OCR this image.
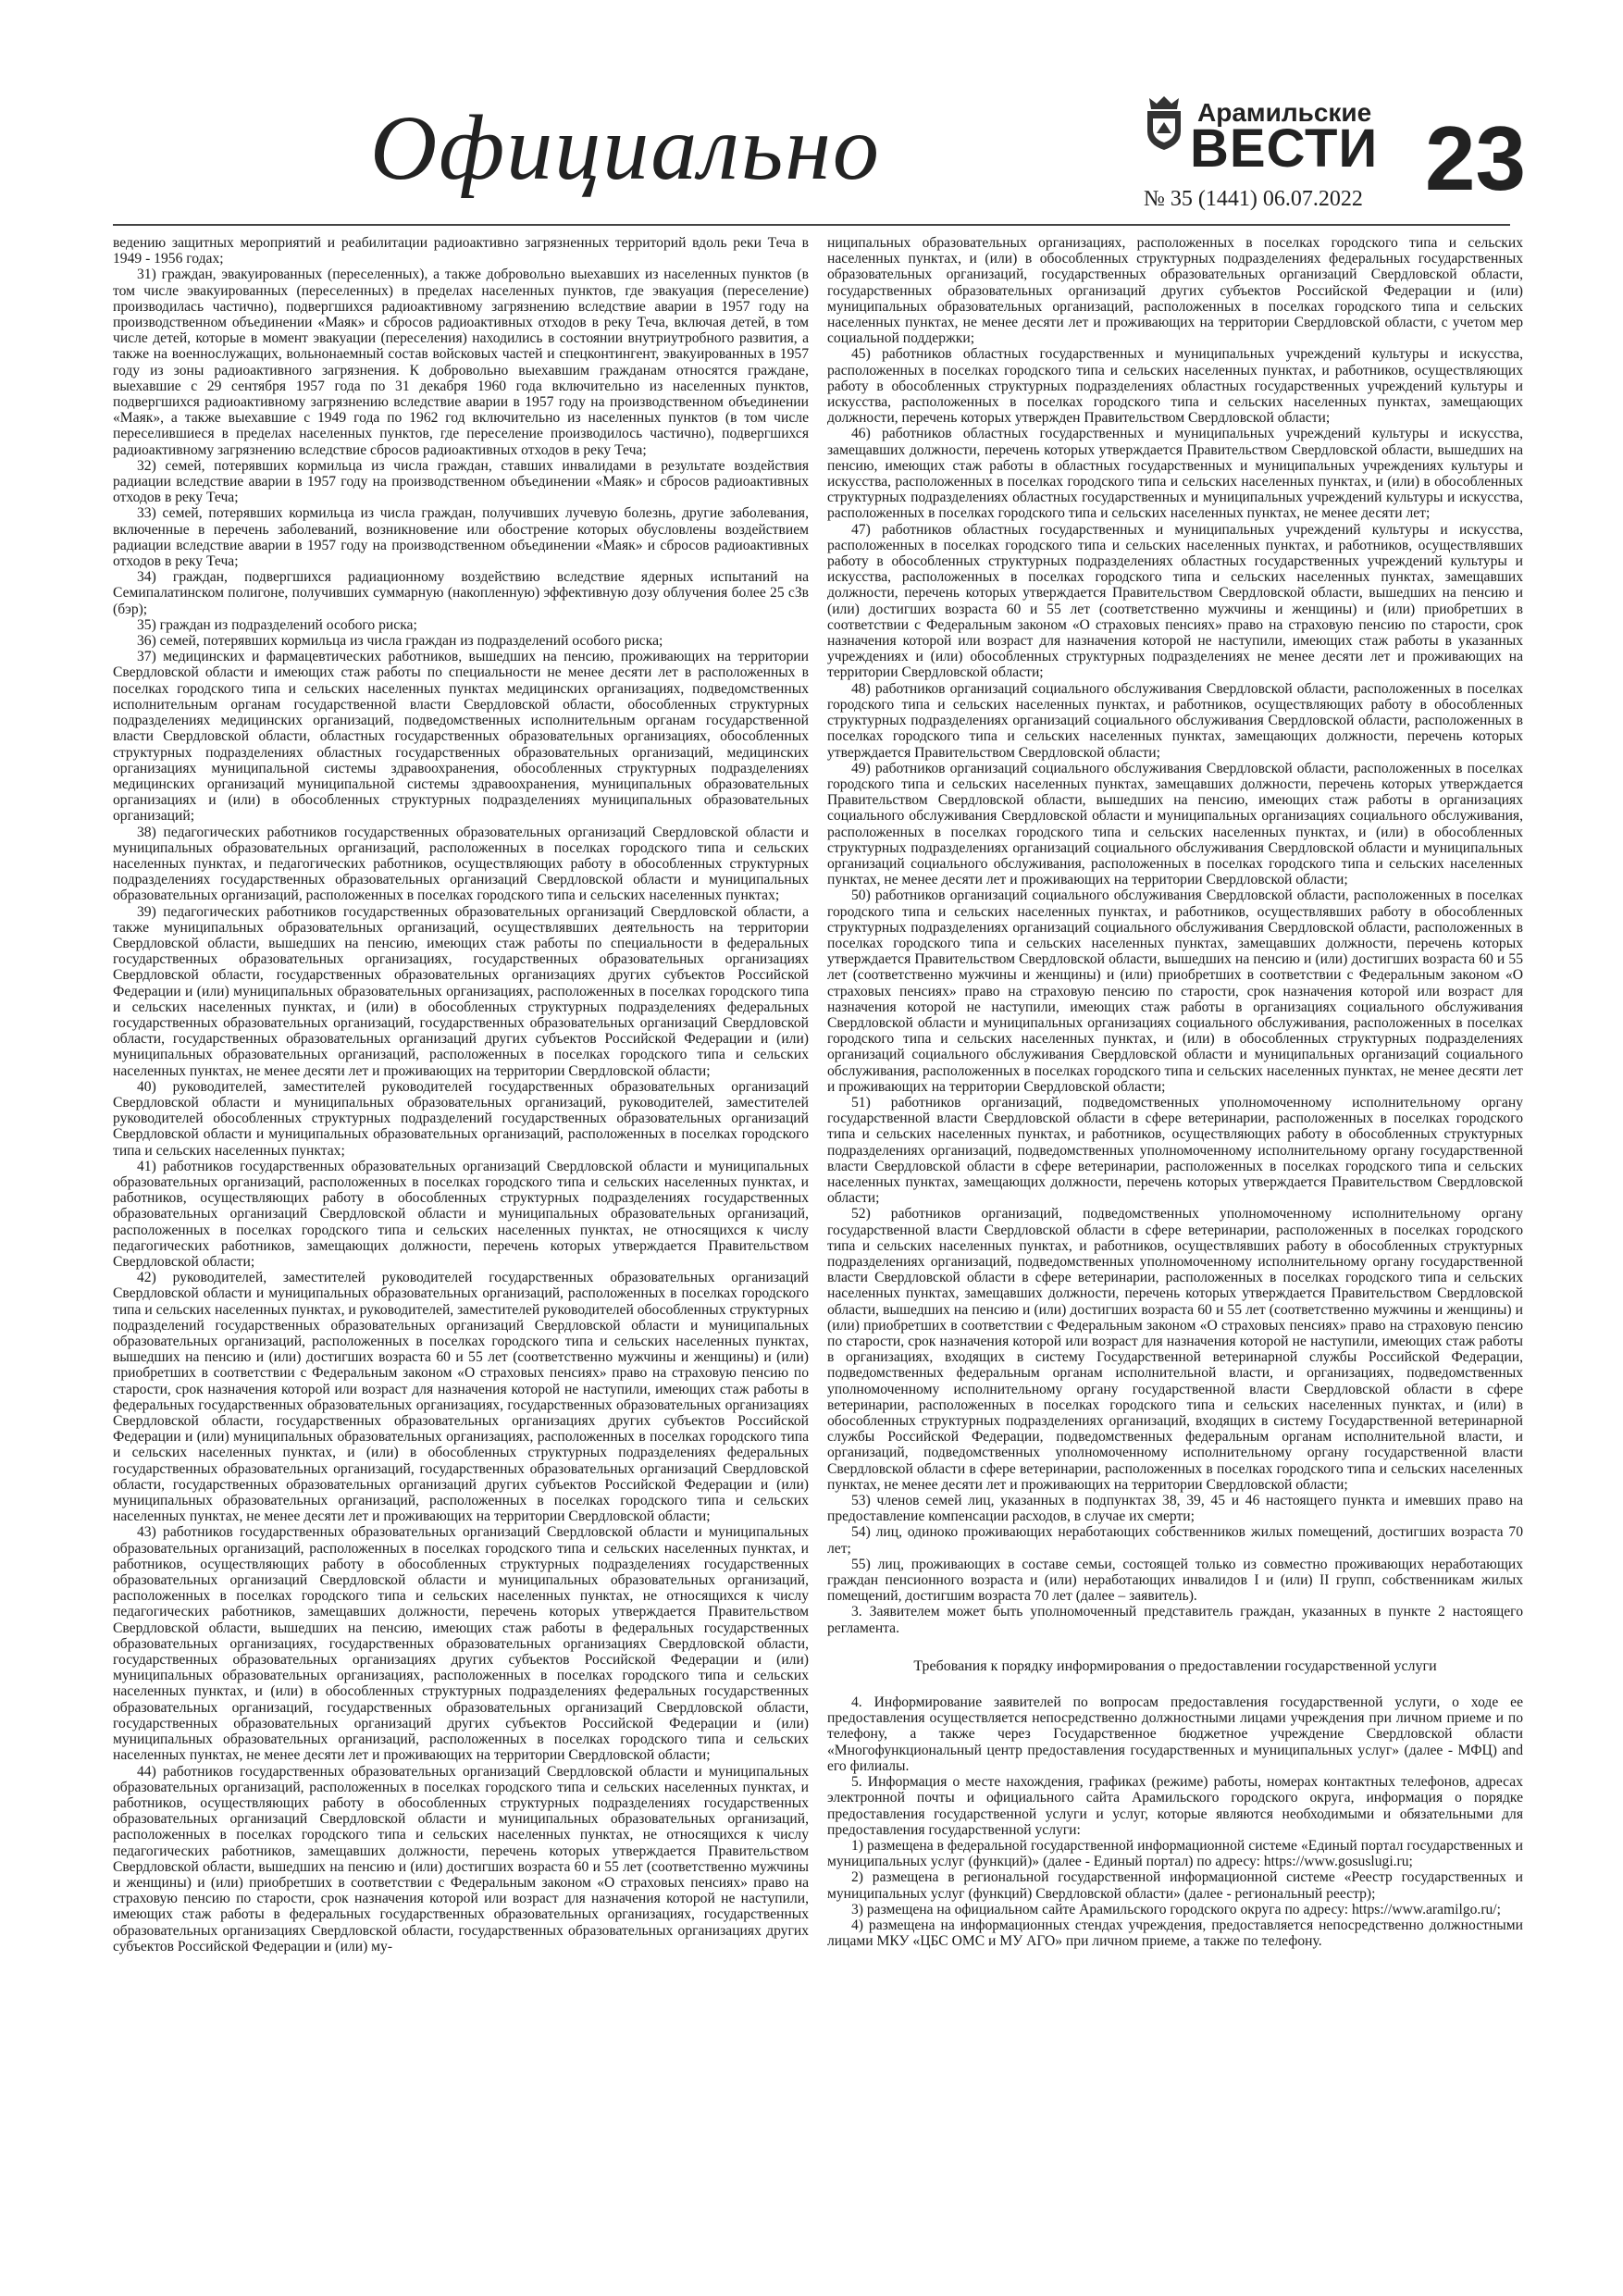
Официально	Арамильские
ВЕСТИ
№ 35 (1441) 06.07.2022 23

ведению защитных мероприятий и реабилитации радиоактивно загрязненных территорий вдоль реки Теча в 1949 - 1956 годах;

31) граждан, эвакуированных (переселенных), а также добровольно выехавших из населенных пунктов (в том числе эвакуированных (переселенных) в пределах населенных пунктов, где эвакуация (переселение) производилась частично), подвергшихся радиоактивному загрязнению вследствие аварии в 1957 году на производственном объединении «Маяк» и сбросов радиоактивных отходов в реку Теча, включая детей, в том числе детей, которые в момент эвакуации (переселения) находились в состоянии внутриутробного развития, а также на военнослужащих, вольнонаемный состав войсковых частей и спецконтингент, эвакуированных в 1957 году из зоны радиоактивного загрязнения. К добровольно выехавшим гражданам относятся граждане, выехавшие с 29 сентября 1957 года по 31 декабря 1960 года включительно из населенных пунктов, подвергшихся радиоактивному загрязнению вследствие аварии в 1957 году на производственном объединении «Маяк», а также выехавшие с 1949 года по 1962 год включительно из населенных пунктов (в том числе переселившиеся в пределах населенных пунктов, где переселение производилось частично), подвергшихся радиоактивному загрязнению вследствие сбросов радиоактивных отходов в реку Теча;

32) семей, потерявших кормильца из числа граждан, ставших инвалидами в результате воздействия радиации вследствие аварии в 1957 году на производственном объединении «Маяк» и сбросов радиоактивных отходов в реку Теча;

33) семей, потерявших кормильца из числа граждан, получивших лучевую болезнь, другие заболевания, включенные в перечень заболеваний, возникновение или обострение которых обусловлены воздействием радиации вследствие аварии в 1957 году на производственном объединении «Маяк» и сбросов радиоактивных отходов в реку Теча;

34) граждан, подвергшихся радиационному воздействию вследствие ядерных испытаний на Семипалатинском полигоне, получивших суммарную (накопленную) эффективную дозу облучения более 25 сЗв (бэр);

35) граждан из подразделений особого риска;

36) семей, потерявших кормильца из числа граждан из подразделений особого риска;

37) медицинских и фармацевтических работников, вышедших на пенсию, проживающих на территории Свердловской области и имеющих стаж работы по специальности не менее десяти лет в расположенных в поселках городского типа и сельских населенных пунктах медицинских организациях, подведомственных исполнительным органам государственной власти Свердловской области, обособленных структурных подразделениях медицинских организаций, подведомственных исполнительным органам государственной власти Свердловской области, областных государственных образовательных организациях, обособленных структурных подразделениях областных государственных образовательных организаций, медицинских организациях муниципальной системы здравоохранения, обособленных структурных подразделениях медицинских организаций муниципальной системы здравоохранения, муниципальных образовательных организациях и (или) в обособленных структурных подразделениях муниципальных образовательных организаций;

38) педагогических работников государственных образовательных организаций Свердловской области и муниципальных образовательных организаций, расположенных в поселках городского типа и сельских населенных пунктах, и педагогических работников, осуществляющих работу в обособленных структурных подразделениях государственных образовательных организаций Свердловской области и муниципальных образовательных организаций, расположенных в поселках городского типа и сельских населенных пунктах;

39) педагогических работников государственных образовательных организаций Свердловской области, а также муниципальных образовательных организаций, осуществлявших деятельность на территории Свердловской области, вышедших на пенсию, имеющих стаж работы по специальности в федеральных государственных образовательных организациях, государственных образовательных организациях Свердловской области, государственных образовательных организациях других субъектов Российской Федерации и (или) муниципальных образовательных организациях, расположенных в поселках городского типа и сельских населенных пунктах, и (или) в обособленных структурных подразделениях федеральных государственных образовательных организаций, государственных образовательных организаций Свердловской области, государственных образовательных организаций других субъектов Российской Федерации и (или) муниципальных образовательных организаций, расположенных в поселках городского типа и сельских населенных пунктах, не менее десяти лет и проживающих на территории Свердловской области;

40) руководителей, заместителей руководителей государственных образовательных организаций Свердловской области и муниципальных образовательных организаций, руководителей, заместителей руководителей обособленных структурных подразделений государственных образовательных организаций Свердловской области и муниципальных образовательных организаций, расположенных в поселках городского типа и сельских населенных пунктах;

41) работников государственных образовательных организаций Свердловской области и муниципальных образовательных организаций, расположенных в поселках городского типа и сельских населенных пунктах, и работников, осуществляющих работу в обособленных структурных подразделениях государственных образовательных организаций Свердловской области и муниципальных образовательных организаций, расположенных в поселках городского типа и сельских населенных пунктах, не относящихся к числу педагогических работников, замещающих должности, перечень которых утверждается Правительством Свердловской области;

42) руководителей, заместителей руководителей государственных образовательных организаций Свердловской области и муниципальных образовательных организаций, расположенных в поселках городского типа и сельских населенных пунктах, и руководителей, заместителей руководителей обособленных структурных подразделений государственных образовательных организаций Свердловской области и муниципальных образовательных организаций, расположенных в поселках городского типа и сельских населенных пунктах, вышедших на пенсию и (или) достигших возраста 60 и 55 лет (соответственно мужчины и женщины) и (или) приобретших в соответствии с Федеральным законом «О страховых пенсиях» право на страховую пенсию по старости, срок назначения которой или возраст для назначения которой не наступили, имеющих стаж работы в федеральных государственных образовательных организациях, государственных образовательных организациях Свердловской области, государственных образовательных организациях других субъектов Российской Федерации и (или) муниципальных образовательных организациях, расположенных в поселках городского типа и сельских населенных пунктах, и (или) в обособленных структурных подразделениях федеральных государственных образовательных организаций, государственных образовательных организаций Свердловской области, государственных образовательных организаций других субъектов Российской Федерации и (или) муниципальных образовательных организаций, расположенных в поселках городского типа и сельских населенных пунктах, не менее десяти лет и проживающих на территории Свердловской области;

43) работников государственных образовательных организаций Свердловской области и муниципальных образовательных организаций, расположенных в поселках городского типа и сельских населенных пунктах, и работников, осуществляющих работу в обособленных структурных подразделениях государственных образовательных организаций Свердловской области и муниципальных образовательных организаций, расположенных в поселках городского типа и сельских населенных пунктах, не относящихся к числу педагогических работников, замещавших должности, перечень которых утверждается Правительством Свердловской области, вышедших на пенсию, имеющих стаж работы в федеральных государственных образовательных организациях, государственных образовательных организациях Свердловской области, государственных образовательных организациях других субъектов Российской Федерации и (или) муниципальных образовательных организациях, расположенных в поселках городского типа и сельских населенных пунктах, и (или) в обособленных структурных подразделениях федеральных государственных образовательных организаций, государственных образовательных организаций Свердловской области, государственных образовательных организаций других субъектов Российской Федерации и (или) муниципальных образовательных организаций, расположенных в поселках городского типа и сельских населенных пунктах, не менее десяти лет и проживающих на территории Свердловской области;

44) работников государственных образовательных организаций Свердловской области и муниципальных образовательных организаций, расположенных в поселках городского типа и сельских населенных пунктах, и работников, осуществляющих работу в обособленных структурных подразделениях государственных образовательных организаций Свердловской области и муниципальных образовательных организаций, расположенных в поселках городского типа и сельских населенных пунктах, не относящихся к числу педагогических работников, замещавших должности, перечень которых утверждается Правительством Свердловской области, вышедших на пенсию и (или) достигших возраста 60 и 55 лет (соответственно мужчины и женщины) и (или) приобретших в соответствии с Федеральным законом «О страховых пенсиях» право на страховую пенсию по старости, срок назначения которой или возраст для назначения которой не наступили, имеющих стаж работы в федеральных государственных образовательных организациях, государственных образовательных организациях Свердловской области, государственных образовательных организациях других субъектов Российской Федерации и (или) му-

ниципальных образовательных организациях, расположенных в поселках городского типа и сельских населенных пунктах, и (или) в обособленных структурных подразделениях федеральных государственных образовательных организаций, государственных образовательных организаций Свердловской области, государственных образовательных организаций других субъектов Российской Федерации и (или) муниципальных образовательных организаций, расположенных в поселках городского типа и сельских населенных пунктах, не менее десяти лет и проживающих на территории Свердловской области, с учетом мер социальной поддержки;

45) работников областных государственных и муниципальных учреждений культуры и искусства, расположенных в поселках городского типа и сельских населенных пунктах, и работников, осуществляющих работу в обособленных структурных подразделениях областных государственных учреждений культуры и искусства, расположенных в поселках городского типа и сельских населенных пунктах, замещающих должности, перечень которых утвержден Правительством Свердловской области;

46) работников областных государственных и муниципальных учреждений культуры и искусства, замещавших должности, перечень которых утверждается Правительством Свердловской области, вышедших на пенсию, имеющих стаж работы в областных государственных и муниципальных учреждениях культуры и искусства, расположенных в поселках городского типа и сельских населенных пунктах, и (или) в обособленных структурных подразделениях областных государственных и муниципальных учреждений культуры и искусства, расположенных в поселках городского типа и сельских населенных пунктах, не менее десяти лет;

47) работников областных государственных и муниципальных учреждений культуры и искусства, расположенных в поселках городского типа и сельских населенных пунктах, и работников, осуществлявших работу в обособленных структурных подразделениях областных государственных учреждений культуры и искусства, расположенных в поселках городского типа и сельских населенных пунктах, замещавших должности, перечень которых утверждается Правительством Свердловской области, вышедших на пенсию и (или) достигших возраста 60 и 55 лет (соответственно мужчины и женщины) и (или) приобретших в соответствии с Федеральным законом «О страховых пенсиях» право на страховую пенсию по старости, срок назначения которой или возраст для назначения которой не наступили, имеющих стаж работы в указанных учреждениях и (или) обособленных структурных подразделениях не менее десяти лет и проживающих на территории Свердловской области;

48) работников организаций социального обслуживания Свердловской области, расположенных в поселках городского типа и сельских населенных пунктах, и работников, осуществляющих работу в обособленных структурных подразделениях организаций социального обслуживания Свердловской области, расположенных в поселках городского типа и сельских населенных пунктах, замещающих должности, перечень которых утверждается Правительством Свердловской области;

49) работников организаций социального обслуживания Свердловской области, расположенных в поселках городского типа и сельских населенных пунктах, замещавших должности, перечень которых утверждается Правительством Свердловской области, вышедших на пенсию, имеющих стаж работы в организациях социального обслуживания Свердловской области и муниципальных организациях социального обслуживания, расположенных в поселках городского типа и сельских населенных пунктах, и (или) в обособленных структурных подразделениях организаций социального обслуживания Свердловской области и муниципальных организаций социального обслуживания, расположенных в поселках городского типа и сельских населенных пунктах, не менее десяти лет и проживающих на территории Свердловской области;

50) работников организаций социального обслуживания Свердловской области, расположенных в поселках городского типа и сельских населенных пунктах, и работников, осуществлявших работу в обособленных структурных подразделениях организаций социального обслуживания Свердловской области, расположенных в поселках городского типа и сельских населенных пунктах, замещавших должности, перечень которых утверждается Правительством Свердловской области, вышедших на пенсию и (или) достигших возраста 60 и 55 лет (соответственно мужчины и женщины) и (или) приобретших в соответствии с Федеральным законом «О страховых пенсиях» право на страховую пенсию по старости, срок назначения которой или возраст для назначения которой не наступили, имеющих стаж работы в организациях социального обслуживания Свердловской области и муниципальных организациях социального обслуживания, расположенных в поселках городского типа и сельских населенных пунктах, и (или) в обособленных структурных подразделениях организаций социального обслуживания Свердловской области и муниципальных организаций социального обслуживания, расположенных в поселках городского типа и сельских населенных пунктах, не менее десяти лет и проживающих на территории Свердловской области;

51) работников организаций, подведомственных уполномоченному исполнительному органу государственной власти Свердловской области в сфере ветеринарии, расположенных в поселках городского типа и сельских населенных пунктах, и работников, осуществляющих работу в обособленных структурных подразделениях организаций, подведомственных уполномоченному исполнительному органу государственной власти Свердловской области в сфере ветеринарии, расположенных в поселках городского типа и сельских населенных пунктах, замещающих должности, перечень которых утверждается Правительством Свердловской области;

52) работников организаций, подведомственных уполномоченному исполнительному органу государственной власти Свердловской области в сфере ветеринарии, расположенных в поселках городского типа и сельских населенных пунктах, и работников, осуществлявших работу в обособленных структурных подразделениях организаций, подведомственных уполномоченному исполнительному органу государственной власти Свердловской области в сфере ветеринарии, расположенных в поселках городского типа и сельских населенных пунктах, замещавших должности, перечень которых утверждается Правительством Свердловской области, вышедших на пенсию и (или) достигших возраста 60 и 55 лет (соответственно мужчины и женщины) и (или) приобретших в соответствии с Федеральным законом «О страховых пенсиях» право на страховую пенсию по старости, срок назначения которой или возраст для назначения которой не наступили, имеющих стаж работы в организациях, входящих в систему Государственной ветеринарной службы Российской Федерации, подведомственных федеральным органам исполнительной власти, и организациях, подведомственных уполномоченному исполнительному органу государственной власти Свердловской области в сфере ветеринарии, расположенных в поселках городского типа и сельских населенных пунктах, и (или) в обособленных структурных подразделениях организаций, входящих в систему Государственной ветеринарной службы Российской Федерации, подведомственных федеральным органам исполнительной власти, и организаций, подведомственных уполномоченному исполнительному органу государственной власти Свердловской области в сфере ветеринарии, расположенных в поселках городского типа и сельских населенных пунктах, не менее десяти лет и проживающих на территории Свердловской области;

53) членов семей лиц, указанных в подпунктах 38, 39, 45 и 46 настоящего пункта и имевших право на предоставление компенсации расходов, в случае их смерти;

54) лиц, одиноко проживающих неработающих собственников жилых помещений, достигших возраста 70 лет;

55) лиц, проживающих в составе семьи, состоящей только из совместно проживающих неработающих граждан пенсионного возраста и (или) неработающих инвалидов I и (или) II групп, собственникам жилых помещений, достигшим возраста 70 лет (далее – заявитель).

3. Заявителем может быть уполномоченный представитель граждан, указанных в пункте 2 настоящего регламента.

Требования к порядку информирования о предоставлении государственной услуги

4. Информирование заявителей по вопросам предоставления государственной услуги, о ходе ее предоставления осуществляется непосредственно должностными лицами учреждения при личном приеме и по телефону, а также через Государственное бюджетное учреждение Свердловской области «Многофункциональный центр предоставления государственных и муниципальных услуг» (далее - МФЦ) and его филиалы.

5. Информация о месте нахождения, графиках (режиме) работы, номерах контактных телефонов, адресах электронной почты и официального сайта Арамильского городского округа, информация о порядке предоставления государственной услуги и услуг, которые являются необходимыми и обязательными для предоставления государственной услуги:

1) размещена в федеральной государственной информационной системе «Единый портал государственных и муниципальных услуг (функций)» (далее - Единый портал) по адресу: https://www.gosuslugi.ru;

2) размещена в региональной государственной информационной системе «Реестр государственных и муниципальных услуг (функций) Свердловской области» (далее - региональный реестр);

3) размещена на официальном сайте Арамильского городского округа по адресу: https://www.aramilgo.ru/;

4) размещена на информационных стендах учреждения, предоставляется непосредственно должностными лицами МКУ «ЦБС ОМС и МУ АГО» при личном приеме, а также по телефону.
